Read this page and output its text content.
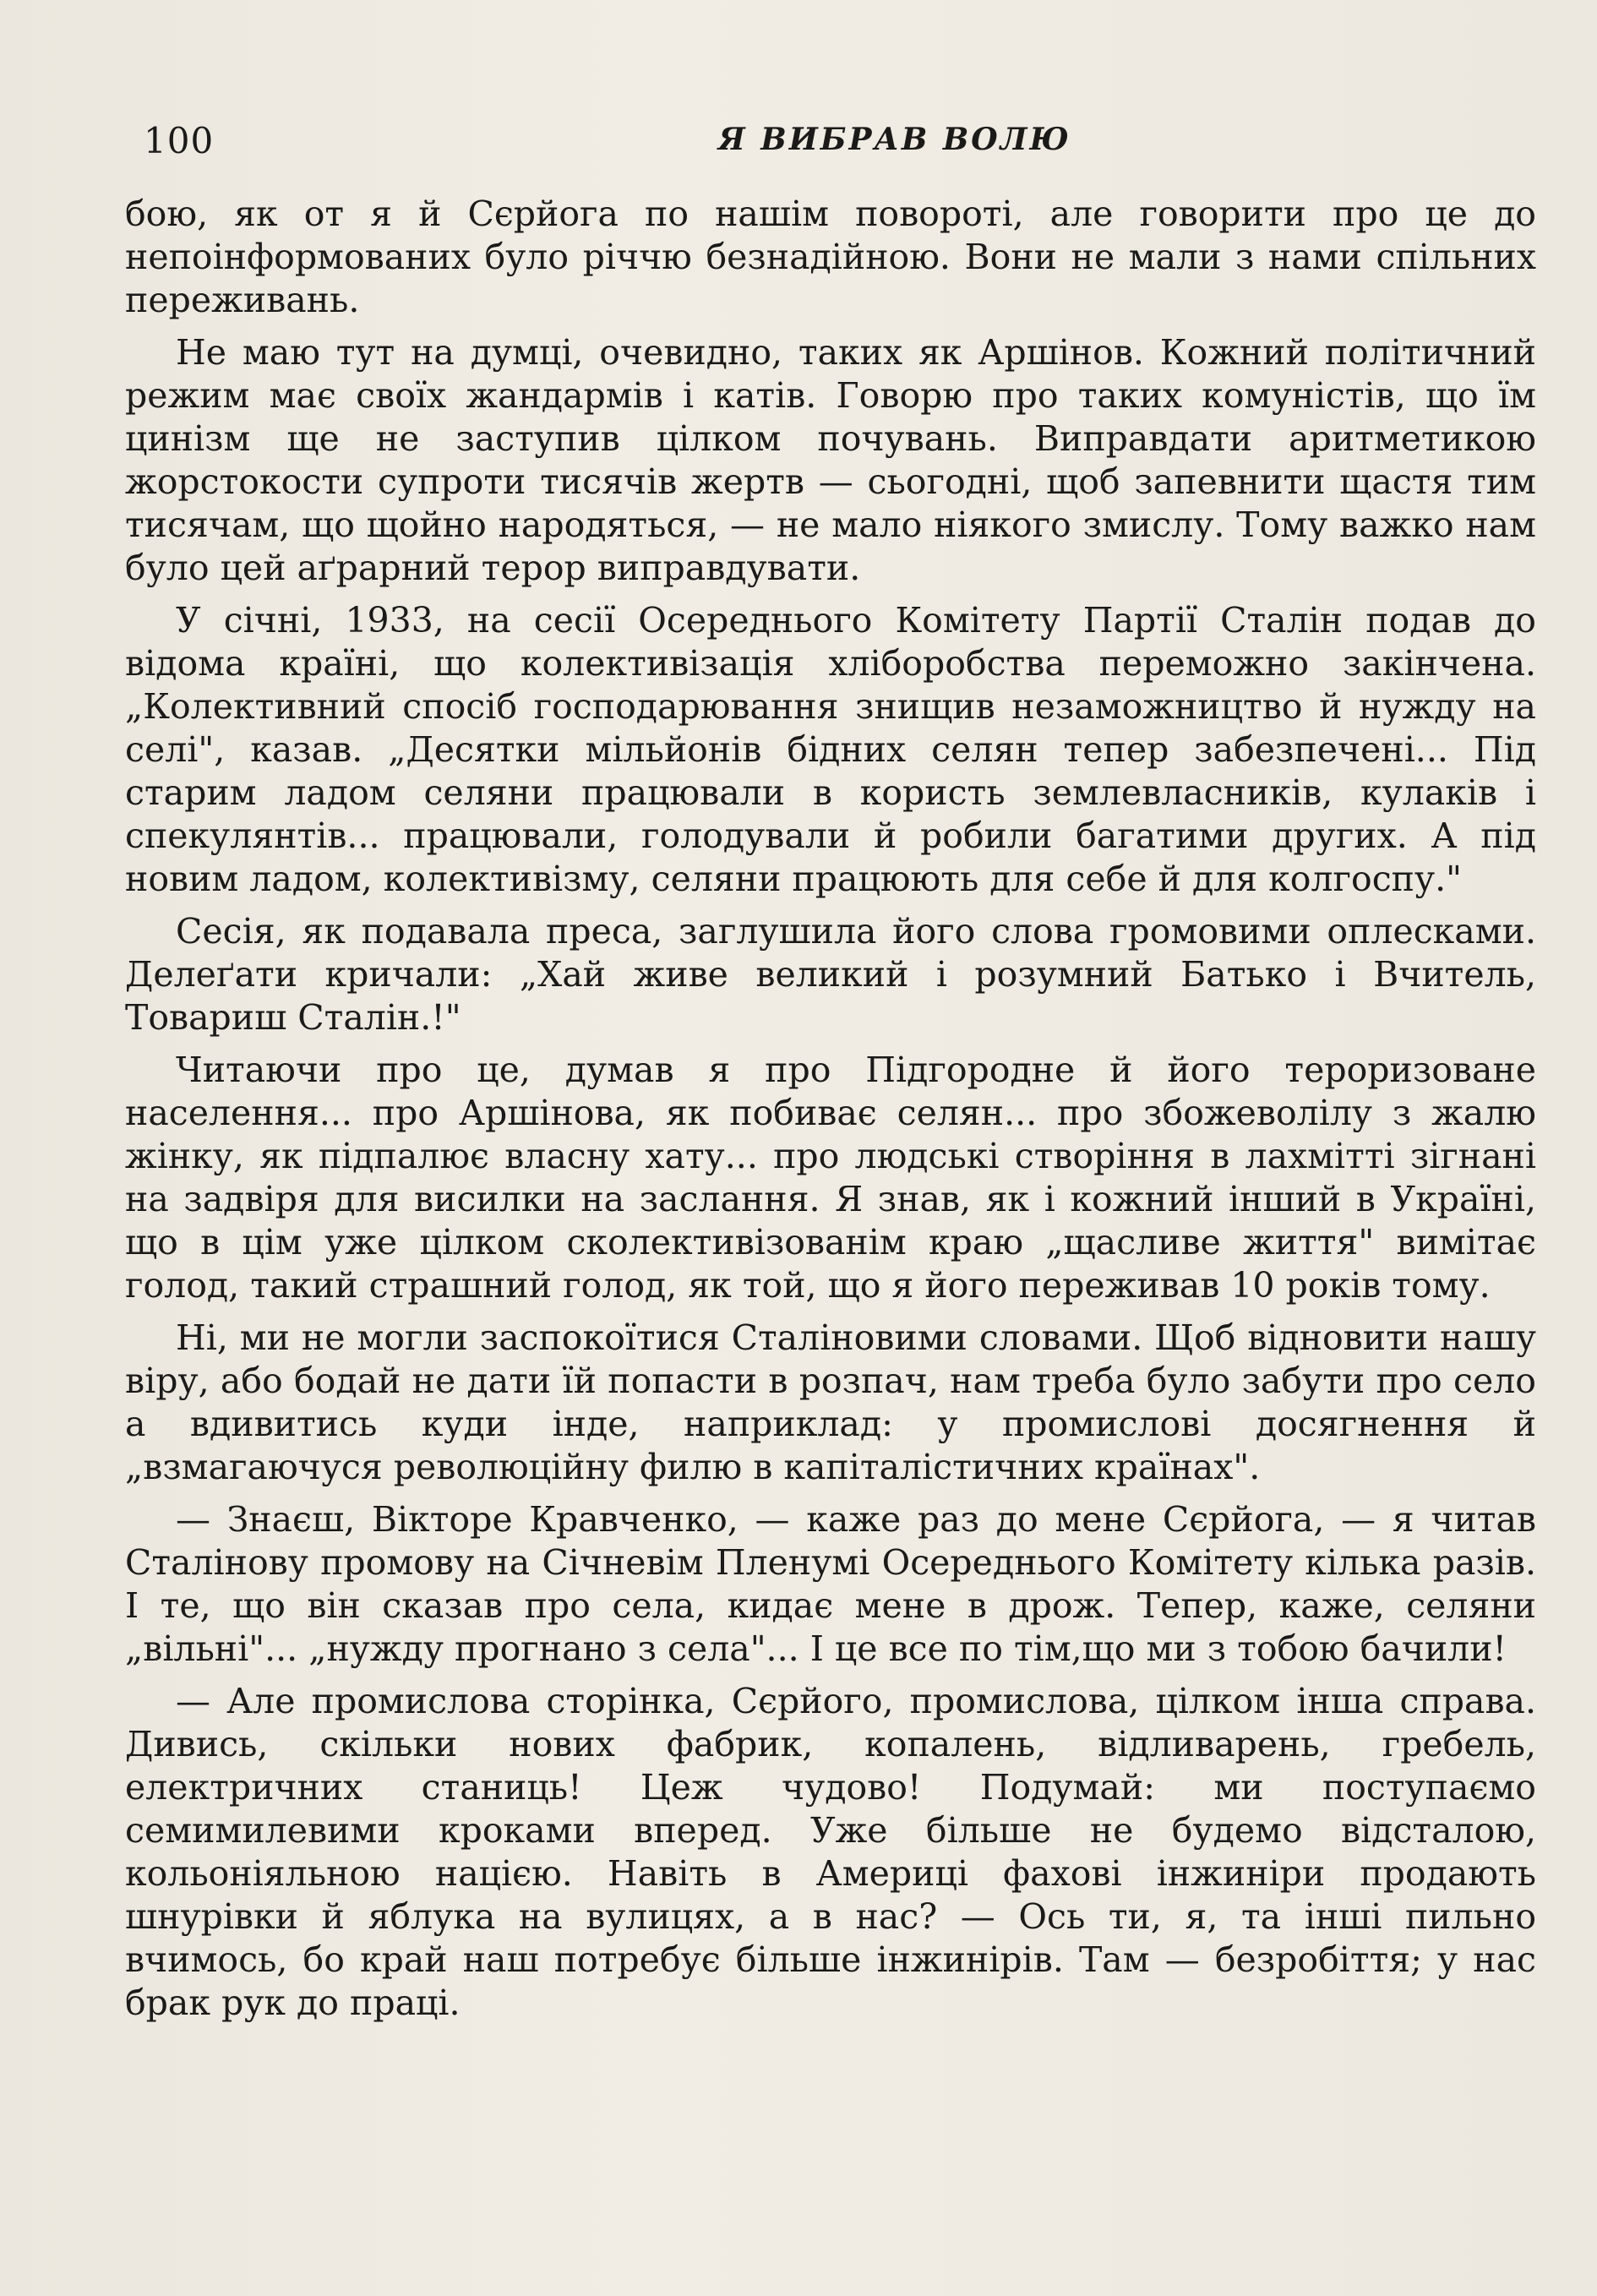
100	Я ВИБРАВ ВОЛЮ

бою, як от я й Сєрйога по нашім повороті, але говорити про це до непоінформованих було річчю безнадійною. Вони не мали з нами спільних переживань.

Не маю тут на думці, очевидно, таких як Аршінов. Кожний політичний режим має своїх жандармів і катів. Говорю про таких комуністів, що їм цинізм ще не заступив цілком почувань. Виправдати аритметикою жорстокости супроти тисячів жертв — сьогодні, щоб запевнити щастя тим тисячам, що щойно народяться, — не мало ніякого змислу. Тому важко нам було цей аґрарний терор виправдувати.

У січні, 1933, на сесії Осереднього Комітету Партії Сталін подав до відома країні, що колективізація хліборобства переможно закінчена. „Колективний спосіб господарювання знищив незаможництво й нужду на селі", казав. „Десятки мільйонів бідних селян тепер забезпечені... Під старим ладом селяни працювали в користь землевласників, кулаків і спекулянтів... працювали, голодували й робили багатими других. А під новим ладом, колективізму, селяни працюють для себе й для колгоспу."

Сесія, як подавала преса, заглушила його слова громовими оплесками. Делеґати кричали: „Хай живе великий і розумний Батько і Вчитель, Товариш Сталін.!"

Читаючи про це, думав я про Підгородне й його тероризоване населення... про Аршінова, як побиває селян... про збожеволілу з жалю жінку, як підпалює власну хату... про людські створіння в лахмітті зігнані на задвіря для висилки на заслання. Я знав, як і кожний інший в Україні, що в цім уже цілком сколективізованім краю „щасливе життя" вимітає голод, такий страшний голод, як той, що я його переживав 10 років тому.

Ні, ми не могли заспокоїтися Сталіновими словами. Щоб відновити нашу віру, або бодай не дати їй попасти в розпач, нам треба було забути про село а вдивитись куди інде, наприклад: у промислові досягнення й „взмагаючуся революційну филю в капіталістичних країнах".

— Знаєш, Вікторе Кравченко, — каже раз до мене Сєрйога, — я читав Сталінову промову на Січневім Пленумі Осереднього Комітету кілька разів. І те, що він сказав про села, кидає мене в дрож. Тепер, каже, селяни „вільні"... „нужду прогнано з села"... І це все по тім,що ми з тобою бачили!

— Але промислова сторінка, Сєрйого, промислова, цілком інша справа. Дивись, скільки нових фабрик, копалень, відливарень, гребель, електричних станиць! Цеж чудово! Подумай: ми поступаємо семимилевими кроками вперед. Уже більше не будемо відсталою, кольоніяльною нацією. Навіть в Америці фахові інжиніри продають шнурівки й яблука на вулицях, а в нас? — Ось ти, я, та інші пильно вчимось, бо край наш потребує більше інжинірів. Там — безробіття; у нас брак рук до праці.
